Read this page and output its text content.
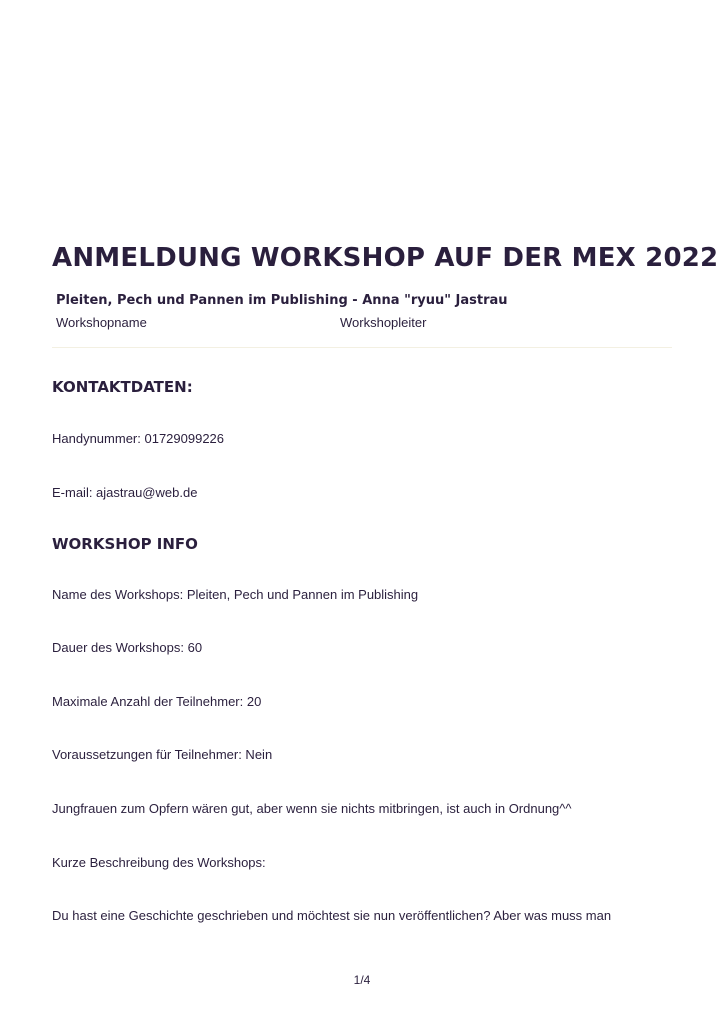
ANMELDUNG WORKSHOP AUF DER MEX 2022
Pleiten, Pech und Pannen im Publishing - Anna "ryuu" Jastrau
Workshopname	Workshopleiter
KONTAKTDATEN:
Handynummer: 01729099226
E-mail: ajastrau@web.de
WORKSHOP INFO
Name des Workshops: Pleiten, Pech und Pannen im Publishing
Dauer des Workshops: 60
Maximale Anzahl der Teilnehmer: 20
Voraussetzungen für Teilnehmer: Nein
Jungfrauen zum Opfern wären gut, aber wenn sie nichts mitbringen, ist auch in Ordnung^^
Kurze Beschreibung des Workshops:
Du hast eine Geschichte geschrieben und möchtest sie nun veröffentlichen? Aber was muss man
1/4
